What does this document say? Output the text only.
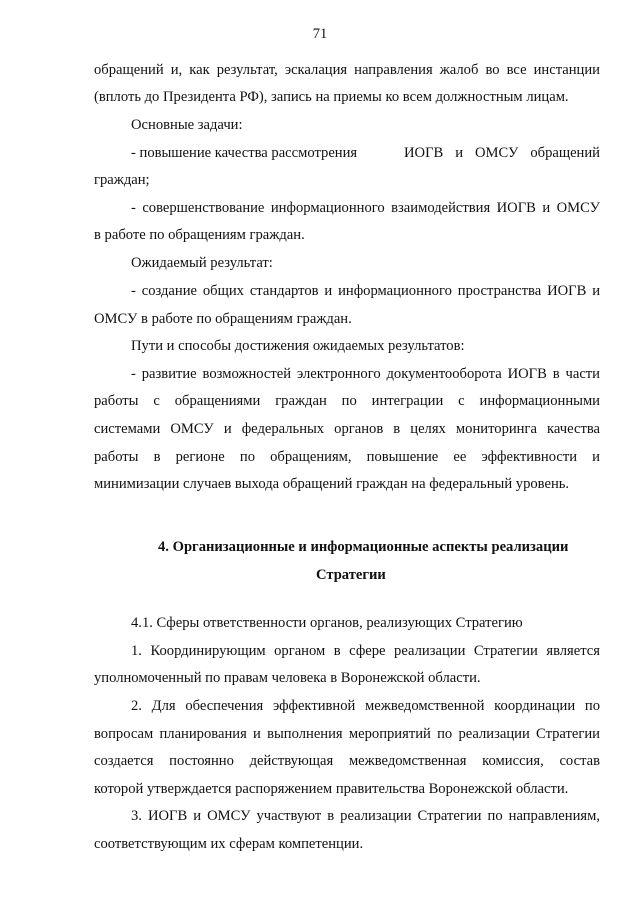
71
обращений и, как результат, эскалация направления жалоб во все инстанции
(вплоть до Президента РФ), запись на приемы ко всем должностным лицам.
Основные задачи:
- повышение качества рассмотрения	ИОГВ и ОМСУ обращений
граждан;
- совершенствование информационного взаимодействия ИОГВ и ОМСУ
в работе по обращениям граждан.
Ожидаемый результат:
- создание общих стандартов и информационного пространства ИОГВ и
ОМСУ в работе по обращениям граждан.
Пути и способы достижения ожидаемых результатов:
- развитие возможностей электронного документооборота ИОГВ в части
работы с обращениями граждан по интеграции с информационными
системами ОМСУ и федеральных органов в целях мониторинга качества
работы в регионе по обращениям, повышение ее эффективности и
минимизации случаев выхода обращений граждан на федеральный уровень.
4. Организационные и информационные аспекты реализации
Стратегии
4.1. Сферы ответственности органов, реализующих Стратегию
1. Координирующим органом в сфере реализации Стратегии является
уполномоченный по правам человека в Воронежской области.
2. Для обеспечения эффективной межведомственной координации по
вопросам планирования и выполнения мероприятий по реализации Стратегии
создается постоянно действующая межведомственная комиссия, состав
которой утверждается распоряжением правительства Воронежской области.
3. ИОГВ и ОМСУ участвуют в реализации Стратегии по направлениям,
соответствующим их сферам компетенции.
